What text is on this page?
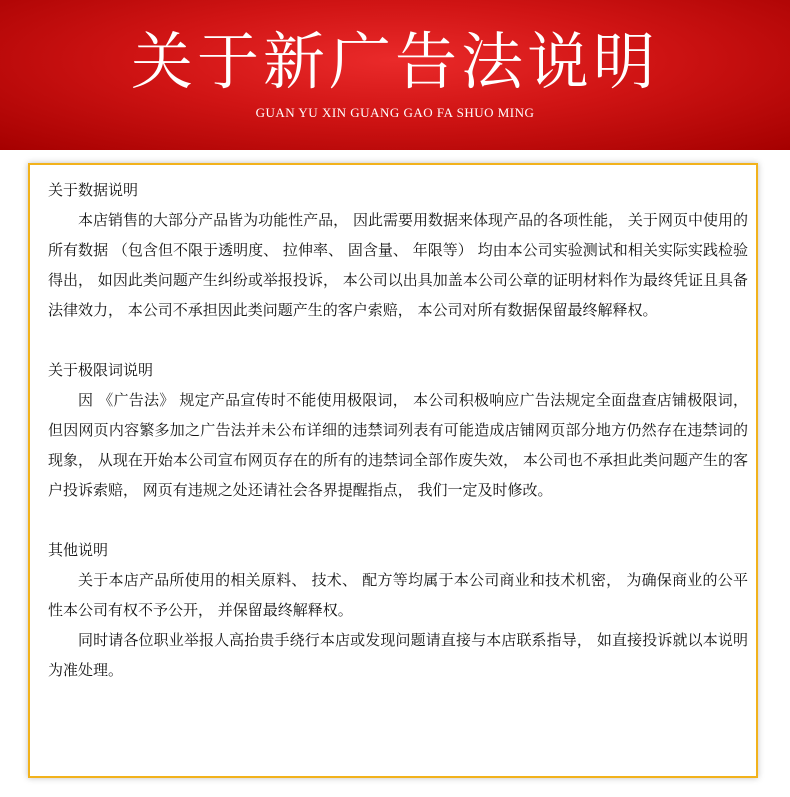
关于新广告法说明
GUAN YU XIN GUANG GAO FA SHUO MING

关于数据说明

本店销售的大部分产品皆为功能性产品， 因此需要用数据来体现产品的各项性能， 关于网页中使用的所有数据 （包含但不限于透明度、 拉伸率、 固含量、 年限等） 均由本公司实验测试和相关实际实践检验得出， 如因此类问题产生纠纷或举报投诉， 本公司以出具加盖本公司公章的证明材料作为最终凭证且具备法律效力， 本公司不承担因此类问题产生的客户索赔， 本公司对所有数据保留最终解释权。

关于极限词说明

因 《广告法》 规定产品宣传时不能使用极限词， 本公司积极响应广告法规定全面盘查店铺极限词， 但因网页内容繁多加之广告法并未公布详细的违禁词列表有可能造成店铺网页部分地方仍然存在违禁词的现象， 从现在开始本公司宣布网页存在的所有的违禁词全部作废失效， 本公司也不承担此类问题产生的客户投诉索赔， 网页有违规之处还请社会各界提醒指点， 我们一定及时修改。

其他说明

关于本店产品所使用的相关原料、 技术、 配方等均属于本公司商业和技术机密， 为确保商业的公平性本公司有权不予公开， 并保留最终解释权。

同时请各位职业举报人高抬贵手绕行本店或发现问题请直接与本店联系指导， 如直接投诉就以本说明为准处理。
